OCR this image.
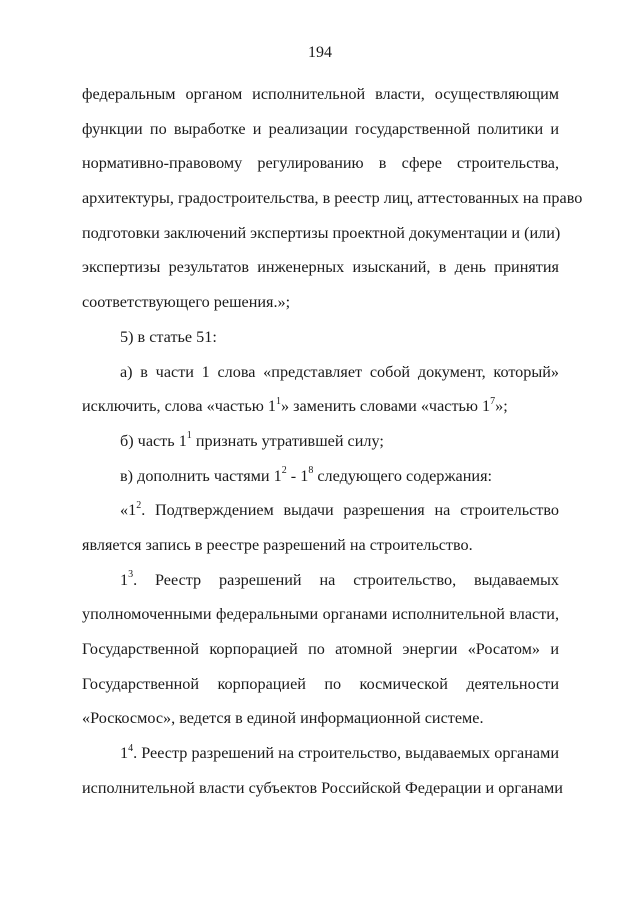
194
федеральным органом исполнительной власти, осуществляющим
функции по выработке и реализации государственной политики и
нормативно-правовому регулированию в сфере строительства,
архитектуры, градостроительства, в реестр лиц, аттестованных на право
подготовки заключений экспертизы проектной документации и (или)
экспертизы результатов инженерных изысканий, в день принятия
соответствующего решения.»;
5) в статье 51:
а) в части 1 слова «представляет собой документ, который»
исключить, слова «частью $1^1$» заменить словами «частью $1^7$»;
б) часть $1^1$ признать утратившей силу;
в) дополнить частями $1^2 - 1^8$ следующего содержания:
«$1^2$. Подтверждением выдачи разрешения на строительство
является запись в реестре разрешений на строительство.
$1^3$. Реестр разрешений на строительство, выдаваемых
уполномоченными федеральными органами исполнительной власти,
Государственной корпорацией по атомной энергии «Росатом» и
Государственной корпорацией по космической деятельности
«Роскосмос», ведется в единой информационной системе.
$1^4$. Реестр разрешений на строительство, выдаваемых органами
исполнительной власти субъектов Российской Федерации и органами
